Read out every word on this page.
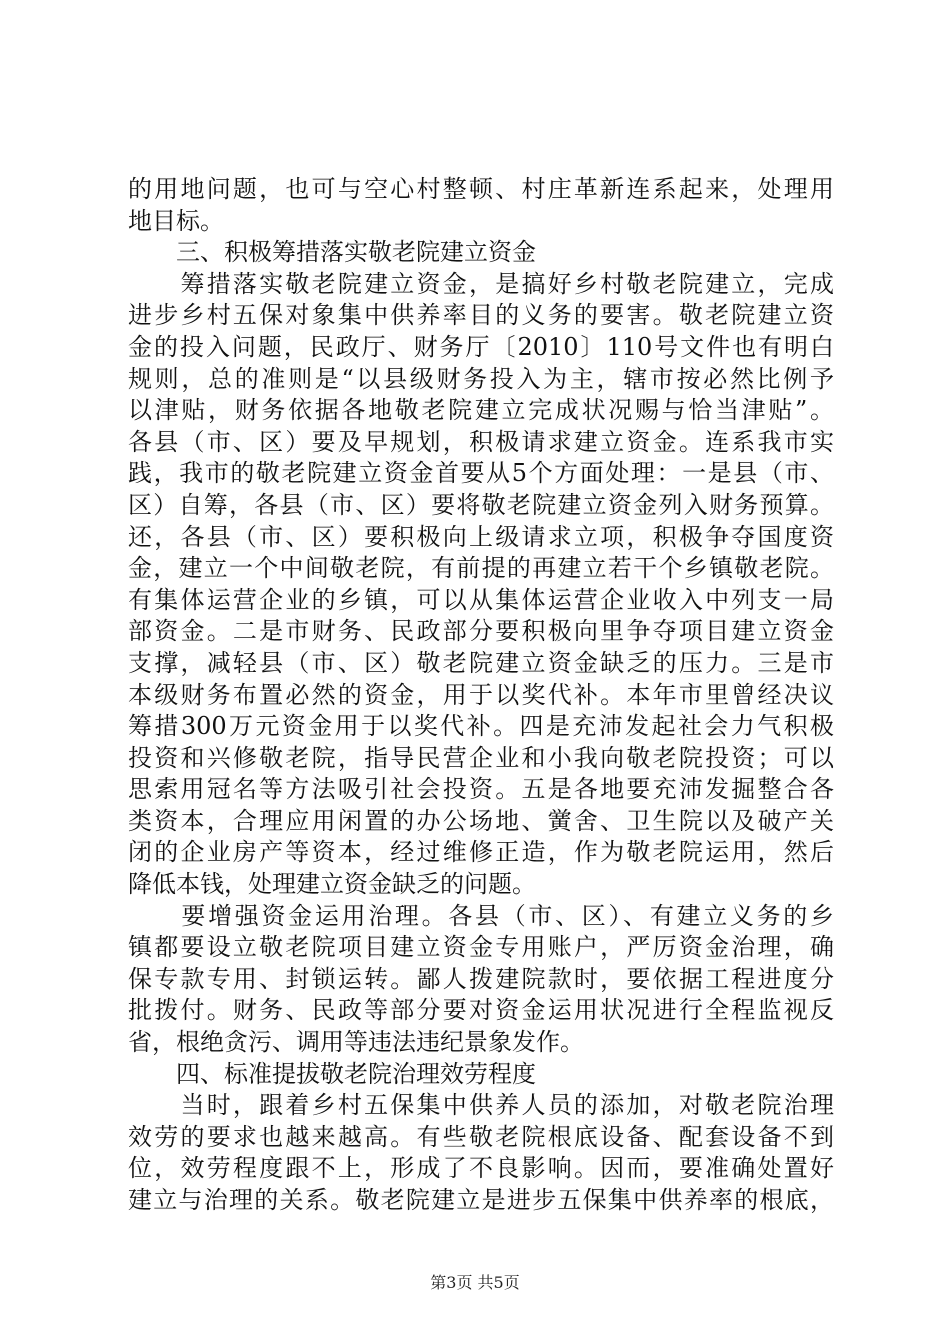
的用地问题，也可与空心村整顿、村庄革新连系起来，处理用
地目标。
　　三、积极筹措落实敬老院建立资金
　　筹措落实敬老院建立资金，是搞好乡村敬老院建立，完成
进步乡村五保对象集中供养率目的义务的要害。敬老院建立资
金的投入问题，民政厅、财务厅〔2010〕110号文件也有明白
规则，总的准则是“以县级财务投入为主，辖市按必然比例予
以津贴，财务依据各地敬老院建立完成状况赐与恰当津贴”。
各县（市、区）要及早规划，积极请求建立资金。连系我市实
践，我市的敬老院建立资金首要从5个方面处理：一是县（市、
区）自筹，各县（市、区）要将敬老院建立资金列入财务预算。
还，各县（市、区）要积极向上级请求立项，积极争夺国度资
金，建立一个中间敬老院，有前提的再建立若干个乡镇敬老院。
有集体运营企业的乡镇，可以从集体运营企业收入中列支一局
部资金。二是市财务、民政部分要积极向里争夺项目建立资金
支撑，减轻县（市、区）敬老院建立资金缺乏的压力。三是市
本级财务布置必然的资金，用于以奖代补。本年市里曾经决议
筹措300万元资金用于以奖代补。四是充沛发起社会力气积极
投资和兴修敬老院，指导民营企业和小我向敬老院投资；可以
思索用冠名等方法吸引社会投资。五是各地要充沛发掘整合各
类资本，合理应用闲置的办公场地、黉舍、卫生院以及破产关
闭的企业房产等资本，经过维修正造，作为敬老院运用，然后
降低本钱，处理建立资金缺乏的问题。
　　要增强资金运用治理。各县（市、区）、有建立义务的乡
镇都要设立敬老院项目建立资金专用账户，严厉资金治理，确
保专款专用、封锁运转。鄙人拨建院款时，要依据工程进度分
批拨付。财务、民政等部分要对资金运用状况进行全程监视反
省，根绝贪污、调用等违法违纪景象发作。
　　四、标准提拔敬老院治理效劳程度
　　当时，跟着乡村五保集中供养人员的添加，对敬老院治理
效劳的要求也越来越高。有些敬老院根底设备、配套设备不到
位，效劳程度跟不上，形成了不良影响。因而，要准确处置好
建立与治理的关系。敬老院建立是进步五保集中供养率的根底，
第3页 共5页
